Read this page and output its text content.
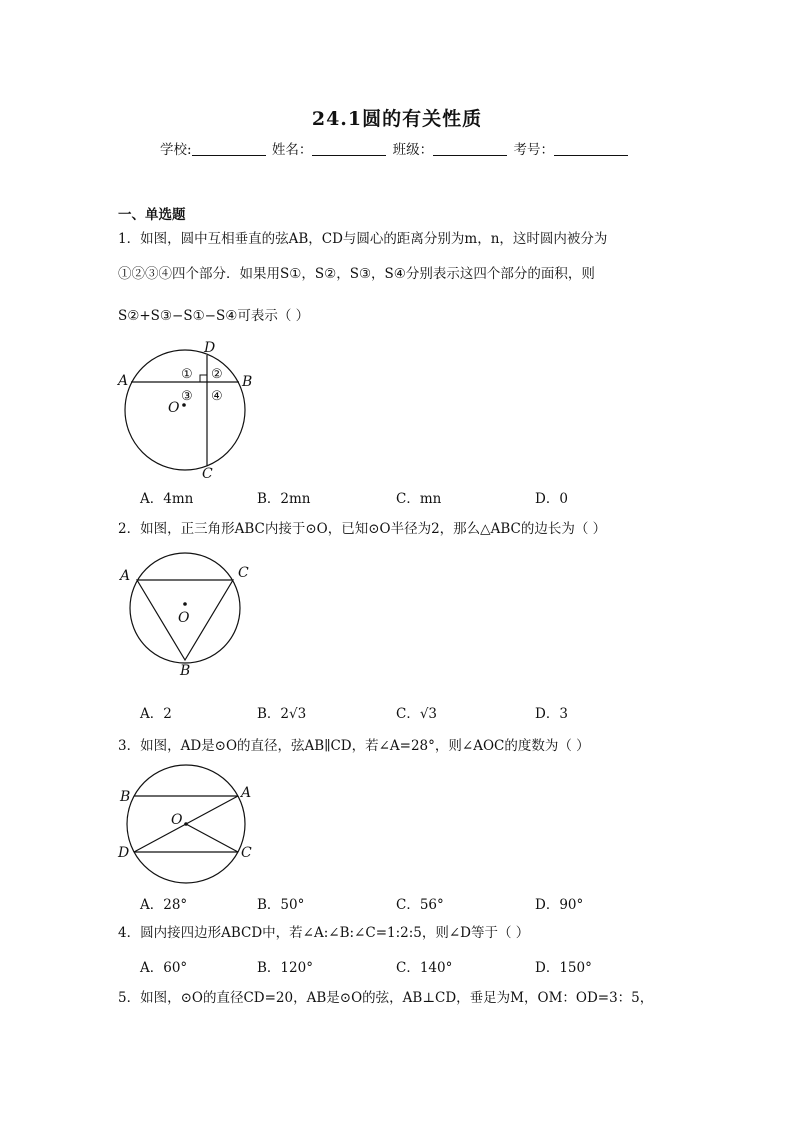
24.1圆的有关性质
学校:	姓名：	班级：	考号：
一、单选题
1．如图，圆中互相垂直的弦AB，CD与圆心的距离分别为m，n，这时圆内被分为
①②③④四个部分．如果用S①，S②，S③，S④分别表示这四个部分的面积，则
S②+S③−S①−S④可表示（ ）
A	B
C
D
O
① ②
③ ④
A．4mn	B．2mn	C．mn	D．0
2．如图，正三角形ABC内接于⊙O，已知⊙O半径为2，那么△ABC的边长为（ ）
A	C
B
O
A．2	B．2√3	C．√3	D．3
3．如图，AD是⊙O的直径，弦AB∥CD，若∠A=28°，则∠AOC的度数为（ ）
B	A
D	C
O
A．28°	B．50°	C．56°	D．90°
4．圆内接四边形ABCD中，若∠A:∠B:∠C=1:2:5，则∠D等于（ ）
A．60°	B．120°	C．140°	D．150°
5．如图，⊙O的直径CD=20，AB是⊙O的弦，AB⊥CD，垂足为M，OM：OD=3：5，
